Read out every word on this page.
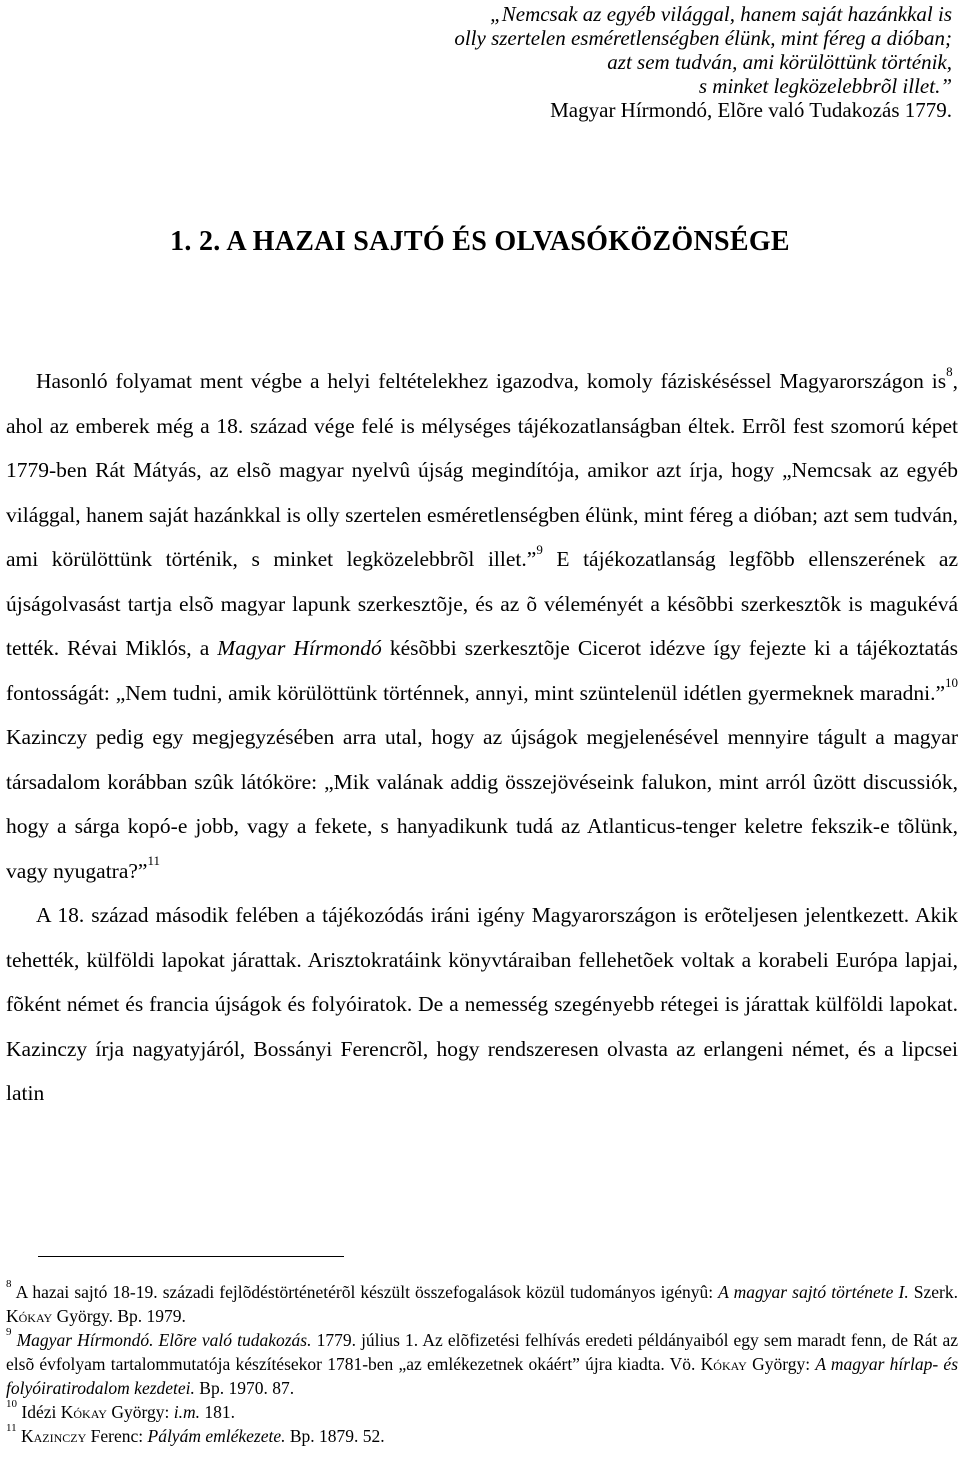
„Nemcsak az egyéb világgal, hanem saját hazánkkal is
olly szertelen esméretlenségben élünk, mint féreg a dióban;
azt sem tudván, ami körülöttünk történik,
s minket legközelebbrõl illet.”
Magyar Hírmondó, Elõre való Tudakozás 1779.
1. 2. A HAZAI SAJTÓ ÉS OLVASÓKÖZÖNSÉGE

Hasonló folyamat ment végbe a helyi feltételekhez igazodva, komoly fáziskéséssel Magyarországon $is^8$, ahol az emberek még a 18. század vége felé is mélységes tájékozatlanságban éltek. Errõl fest szomorú képet 1779-ben Rát Mátyás, az elsõ magyar nyelvû újság megindítója, amikor azt írja, hogy „Nemcsak az egyéb világgal, hanem saját hazánkkal is olly szertelen esméretlenségben élünk, mint féreg a dióban; azt sem tudván, ami körülöttünk történik, s minket legközelebbrõl illet.”$^9$ E tájékozatlanság legfõbb ellenszerének az újságolvasást tartja elsõ magyar lapunk szerkesztõje, és az õ véleményét a késõbbi szerkesztõk is magukévá tették. Révai Miklós, a Magyar Hírmondó késõbbi szerkesztõje Cicerot idézve így fejezte ki a tájékoztatás fontosságát: „Nem tudni, amik körülöttünk történnek, annyi, mint szüntelenül idétlen gyermeknek maradni.”$^{10}$ Kazinczy pedig egy megjegyzésében arra utal, hogy az újságok megjelenésével mennyire tágult a magyar társadalom korábban szûk látóköre: „Mik valának addig összejövéseink falukon, mint arról ûzött discussiók, hogy a sárga kopó-e jobb, vagy a fekete, s hanyadikunk tudá az Atlanticus-tenger keletre fekszik-e tõlünk, vagy nyugatra?”$^{11}$

A 18. század második felében a tájékozódás iráni igény Magyarországon is erõteljesen jelentkezett. Akik tehették, külföldi lapokat járattak. Arisztokratáink könyvtáraiban fellehetõek voltak a korabeli Európa lapjai, fõként német és francia újságok és folyóiratok. De a nemesség szegényebb rétegei is járattak külföldi lapokat. Kazinczy írja nagyatyjáról, Bossányi Ferencrõl, hogy rendszeresen olvasta az erlangeni német, és a lipcsei latin

$^8$ A hazai sajtó 18-19. századi fejlõdéstörténetérõl készült összefogalások közül tudományos igényû: A magyar sajtó története I. Szerk. Kókay György. Bp. 1979.

$^9$ Magyar Hírmondó. Elõre való tudakozás. 1779. július 1. Az elõfizetési felhívás eredeti példányaiból egy sem maradt fenn, de Rát az elsõ évfolyam tartalommutatója készítésekor 1781-ben „az emlékezetnek okáért” újra kiadta. Vö. Kókay György: A magyar hírlap- és folyóiratirodalom kezdetei. Bp. 1970. 87.

$^{10}$ Idézi Kókay György: i.m. 181.

$^{11}$ Kazinczy Ferenc: Pályám emlékezete. Bp. 1879. 52.
